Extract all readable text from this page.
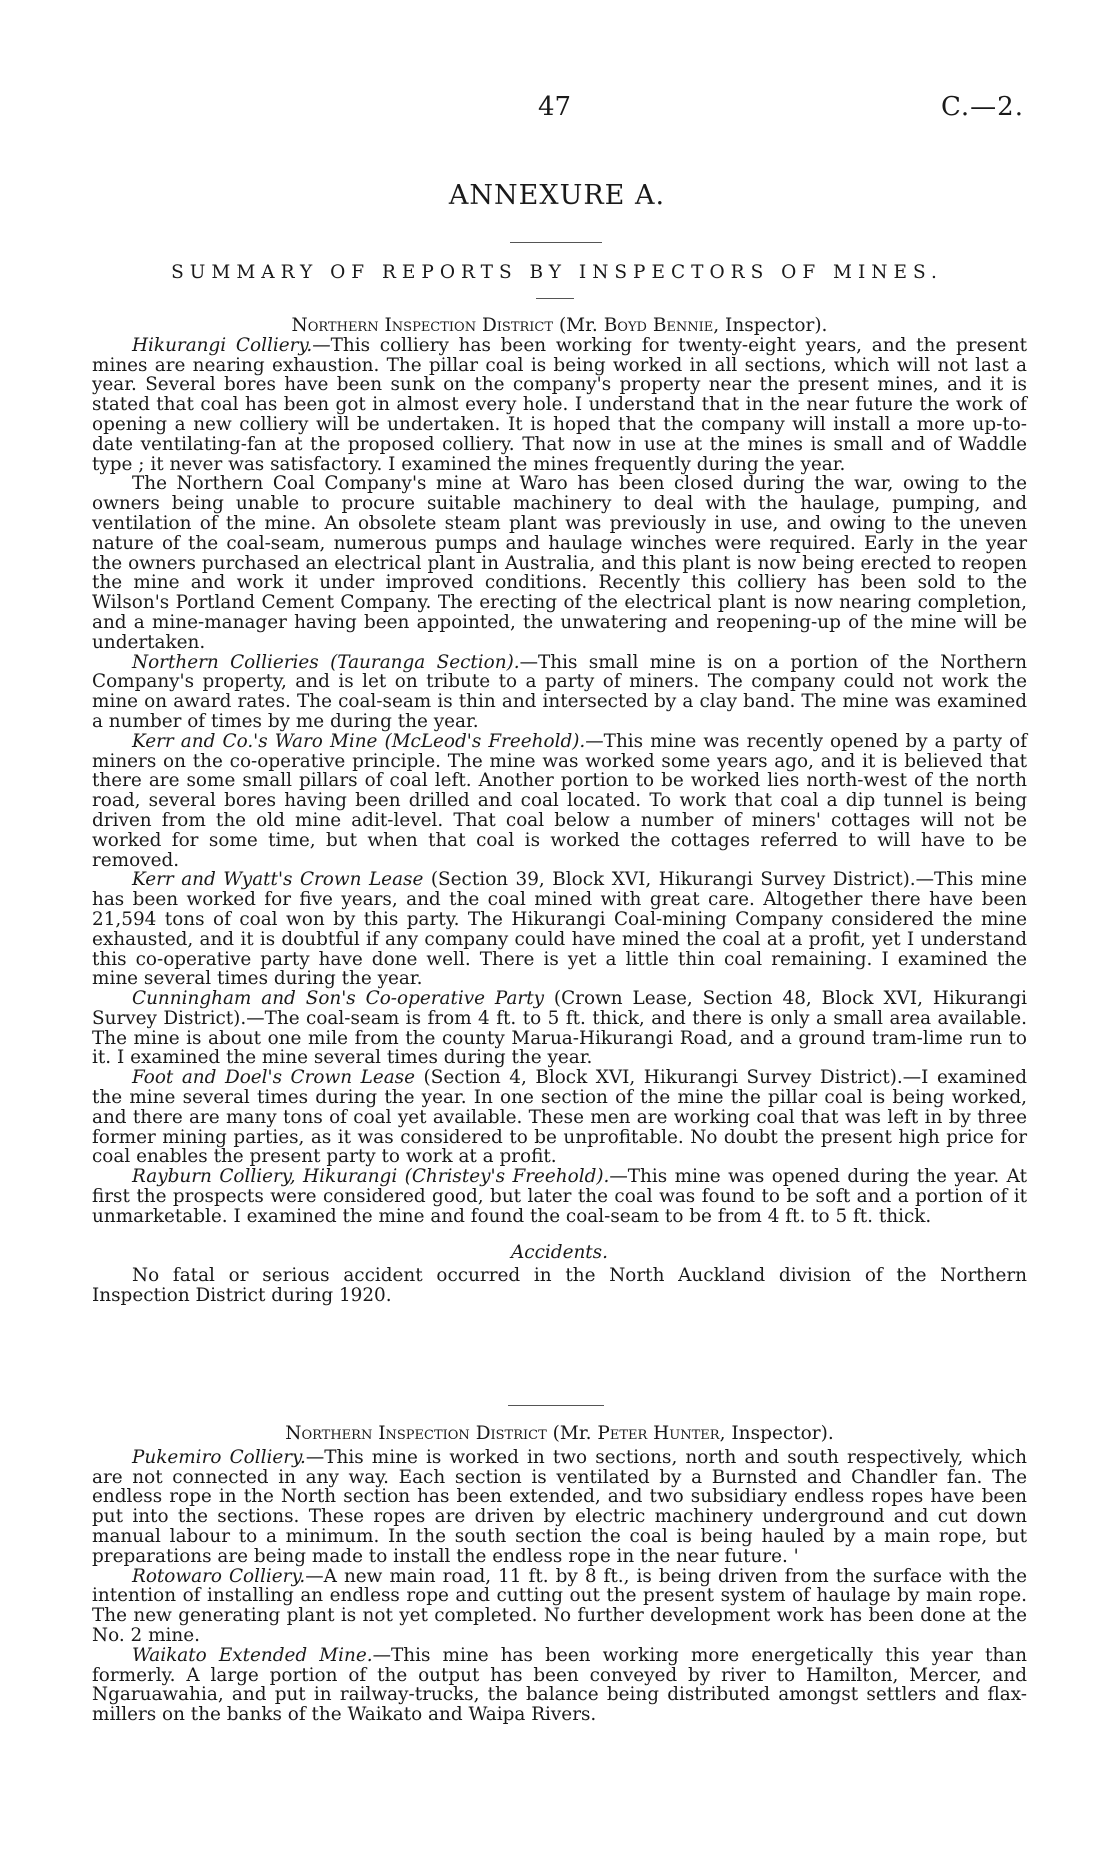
47	C.—2.
ANNEXURE A.
SUMMARY OF REPORTS BY INSPECTORS OF MINES.

Northern Inspection District (Mr. Boyd Bennie, Inspector).

Hikurangi Colliery.—This colliery has been working for twenty-eight years, and the present mines are nearing exhaustion. The pillar coal is being worked in all sections, which will not last a year. Several bores have been sunk on the company's property near the present mines, and it is stated that coal has been got in almost every hole. I understand that in the near future the work of opening a new colliery will be undertaken. It is hoped that the company will install a more up-to-date ventilating-fan at the proposed colliery. That now in use at the mines is small and of Waddle type ; it never was satisfactory. I examined the mines frequently during the year.

The Northern Coal Company's mine at Waro has been closed during the war, owing to the owners being unable to procure suitable machinery to deal with the haulage, pumping, and ventilation of the mine. An obsolete steam plant was previously in use, and owing to the uneven nature of the coal-seam, numerous pumps and haulage winches were required. Early in the year the owners purchased an electrical plant in Australia, and this plant is now being erected to reopen the mine and work it under improved conditions. Recently this colliery has been sold to the Wilson's Portland Cement Company. The erecting of the electrical plant is now nearing completion, and a mine-manager having been appointed, the unwatering and reopening-up of the mine will be undertaken.

Northern Collieries (Tauranga Section).—This small mine is on a portion of the Northern Company's property, and is let on tribute to a party of miners. The company could not work the mine on award rates. The coal-seam is thin and intersected by a clay band. The mine was examined a number of times by me during the year.

Kerr and Co.'s Waro Mine (McLeod's Freehold).—This mine was recently opened by a party of miners on the co-operative principle. The mine was worked some years ago, and it is believed that there are some small pillars of coal left. Another portion to be worked lies north-west of the north road, several bores having been drilled and coal located. To work that coal a dip tunnel is being driven from the old mine adit-level. That coal below a number of miners' cottages will not be worked for some time, but when that coal is worked the cottages referred to will have to be removed.

Kerr and Wyatt's Crown Lease (Section 39, Block XVI, Hikurangi Survey District).—This mine has been worked for five years, and the coal mined with great care. Altogether there have been 21,594 tons of coal won by this party. The Hikurangi Coal-mining Company considered the mine exhausted, and it is doubtful if any company could have mined the coal at a profit, yet I understand this co-operative party have done well. There is yet a little thin coal remaining. I examined the mine several times during the year.

Cunningham and Son's Co-operative Party (Crown Lease, Section 48, Block XVI, Hikurangi Survey District).—The coal-seam is from 4 ft. to 5 ft. thick, and there is only a small area available. The mine is about one mile from the county Marua-Hikurangi Road, and a ground tram-lime run to it. I examined the mine several times during the year.

Foot and Doel's Crown Lease (Section 4, Block XVI, Hikurangi Survey District).—I examined the mine several times during the year. In one section of the mine the pillar coal is being worked, and there are many tons of coal yet available. These men are working coal that was left in by three former mining parties, as it was considered to be unprofitable. No doubt the present high price for coal enables the present party to work at a profit.

Rayburn Colliery, Hikurangi (Christey's Freehold).—This mine was opened during the year. At first the prospects were considered good, but later the coal was found to be soft and a portion of it unmarketable. I examined the mine and found the coal-seam to be from 4 ft. to 5 ft. thick.

Accidents.

No fatal or serious accident occurred in the North Auckland division of the Northern Inspection District during 1920.

Northern Inspection District (Mr. Peter Hunter, Inspector).

Pukemiro Colliery.—This mine is worked in two sections, north and south respectively, which are not connected in any way. Each section is ventilated by a Burnsted and Chandler fan. The endless rope in the North section has been extended, and two subsidiary endless ropes have been put into the sections. These ropes are driven by electric machinery underground and cut down manual labour to a minimum. In the south section the coal is being hauled by a main rope, but preparations are being made to install the endless rope in the near future. '

Rotowaro Colliery.—A new main road, 11 ft. by 8 ft., is being driven from the surface with the intention of installing an endless rope and cutting out the present system of haulage by main rope. The new generating plant is not yet completed. No further development work has been done at the No. 2 mine.

Waikato Extended Mine.—This mine has been working more energetically this year than formerly. A large portion of the output has been conveyed by river to Hamilton, Mercer, and Ngaruawahia, and put in railway-trucks, the balance being distributed amongst settlers and flax-millers on the banks of the Waikato and Waipa Rivers.
